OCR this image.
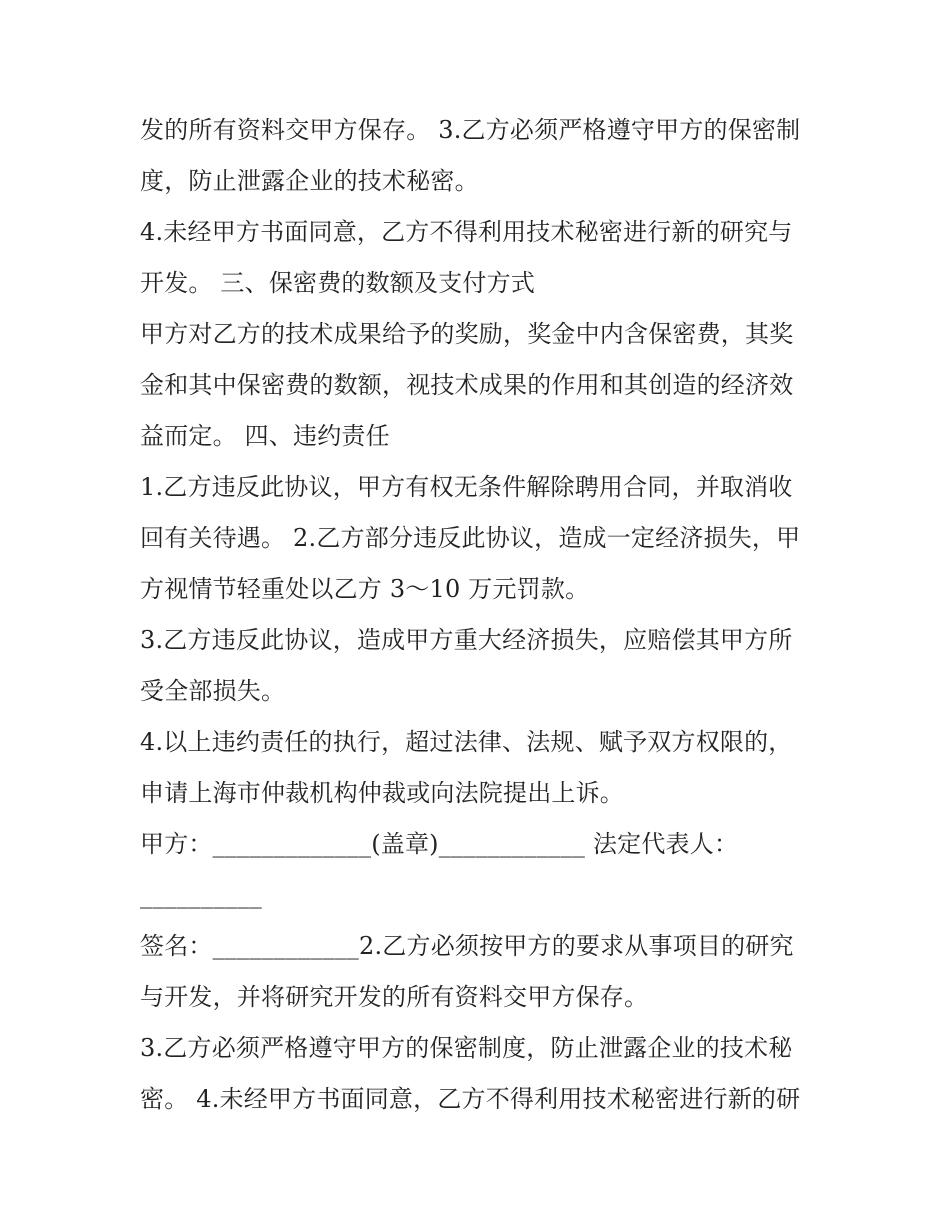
发的所有资料交甲方保存。 3.乙方必须严格遵守甲方的保密制
度，防止泄露企业的技术秘密。
4.未经甲方书面同意，乙方不得利用技术秘密进行新的研究与
开发。 三、保密费的数额及支付方式
甲方对乙方的技术成果给予的奖励，奖金中内含保密费，其奖
金和其中保密费的数额，视技术成果的作用和其创造的经济效
益而定。 四、违约责任
1.乙方违反此协议，甲方有权无条件解除聘用合同，并取消收
回有关待遇。 2.乙方部分违反此协议，造成一定经济损失，甲
方视情节轻重处以乙方 3～10 万元罚款。
3.乙方违反此协议，造成甲方重大经济损失，应赔偿其甲方所
受全部损失。
4.以上违约责任的执行，超过法律、法规、赋予双方权限的，
申请上海市仲裁机构仲裁或向法院提出上诉。
甲方：_____________(盖章)____________ 法定代表人：
__________
签名：____________2.乙方必须按甲方的要求从事项目的研究
与开发，并将研究开发的所有资料交甲方保存。
3.乙方必须严格遵守甲方的保密制度，防止泄露企业的技术秘
密。 4.未经甲方书面同意，乙方不得利用技术秘密进行新的研
